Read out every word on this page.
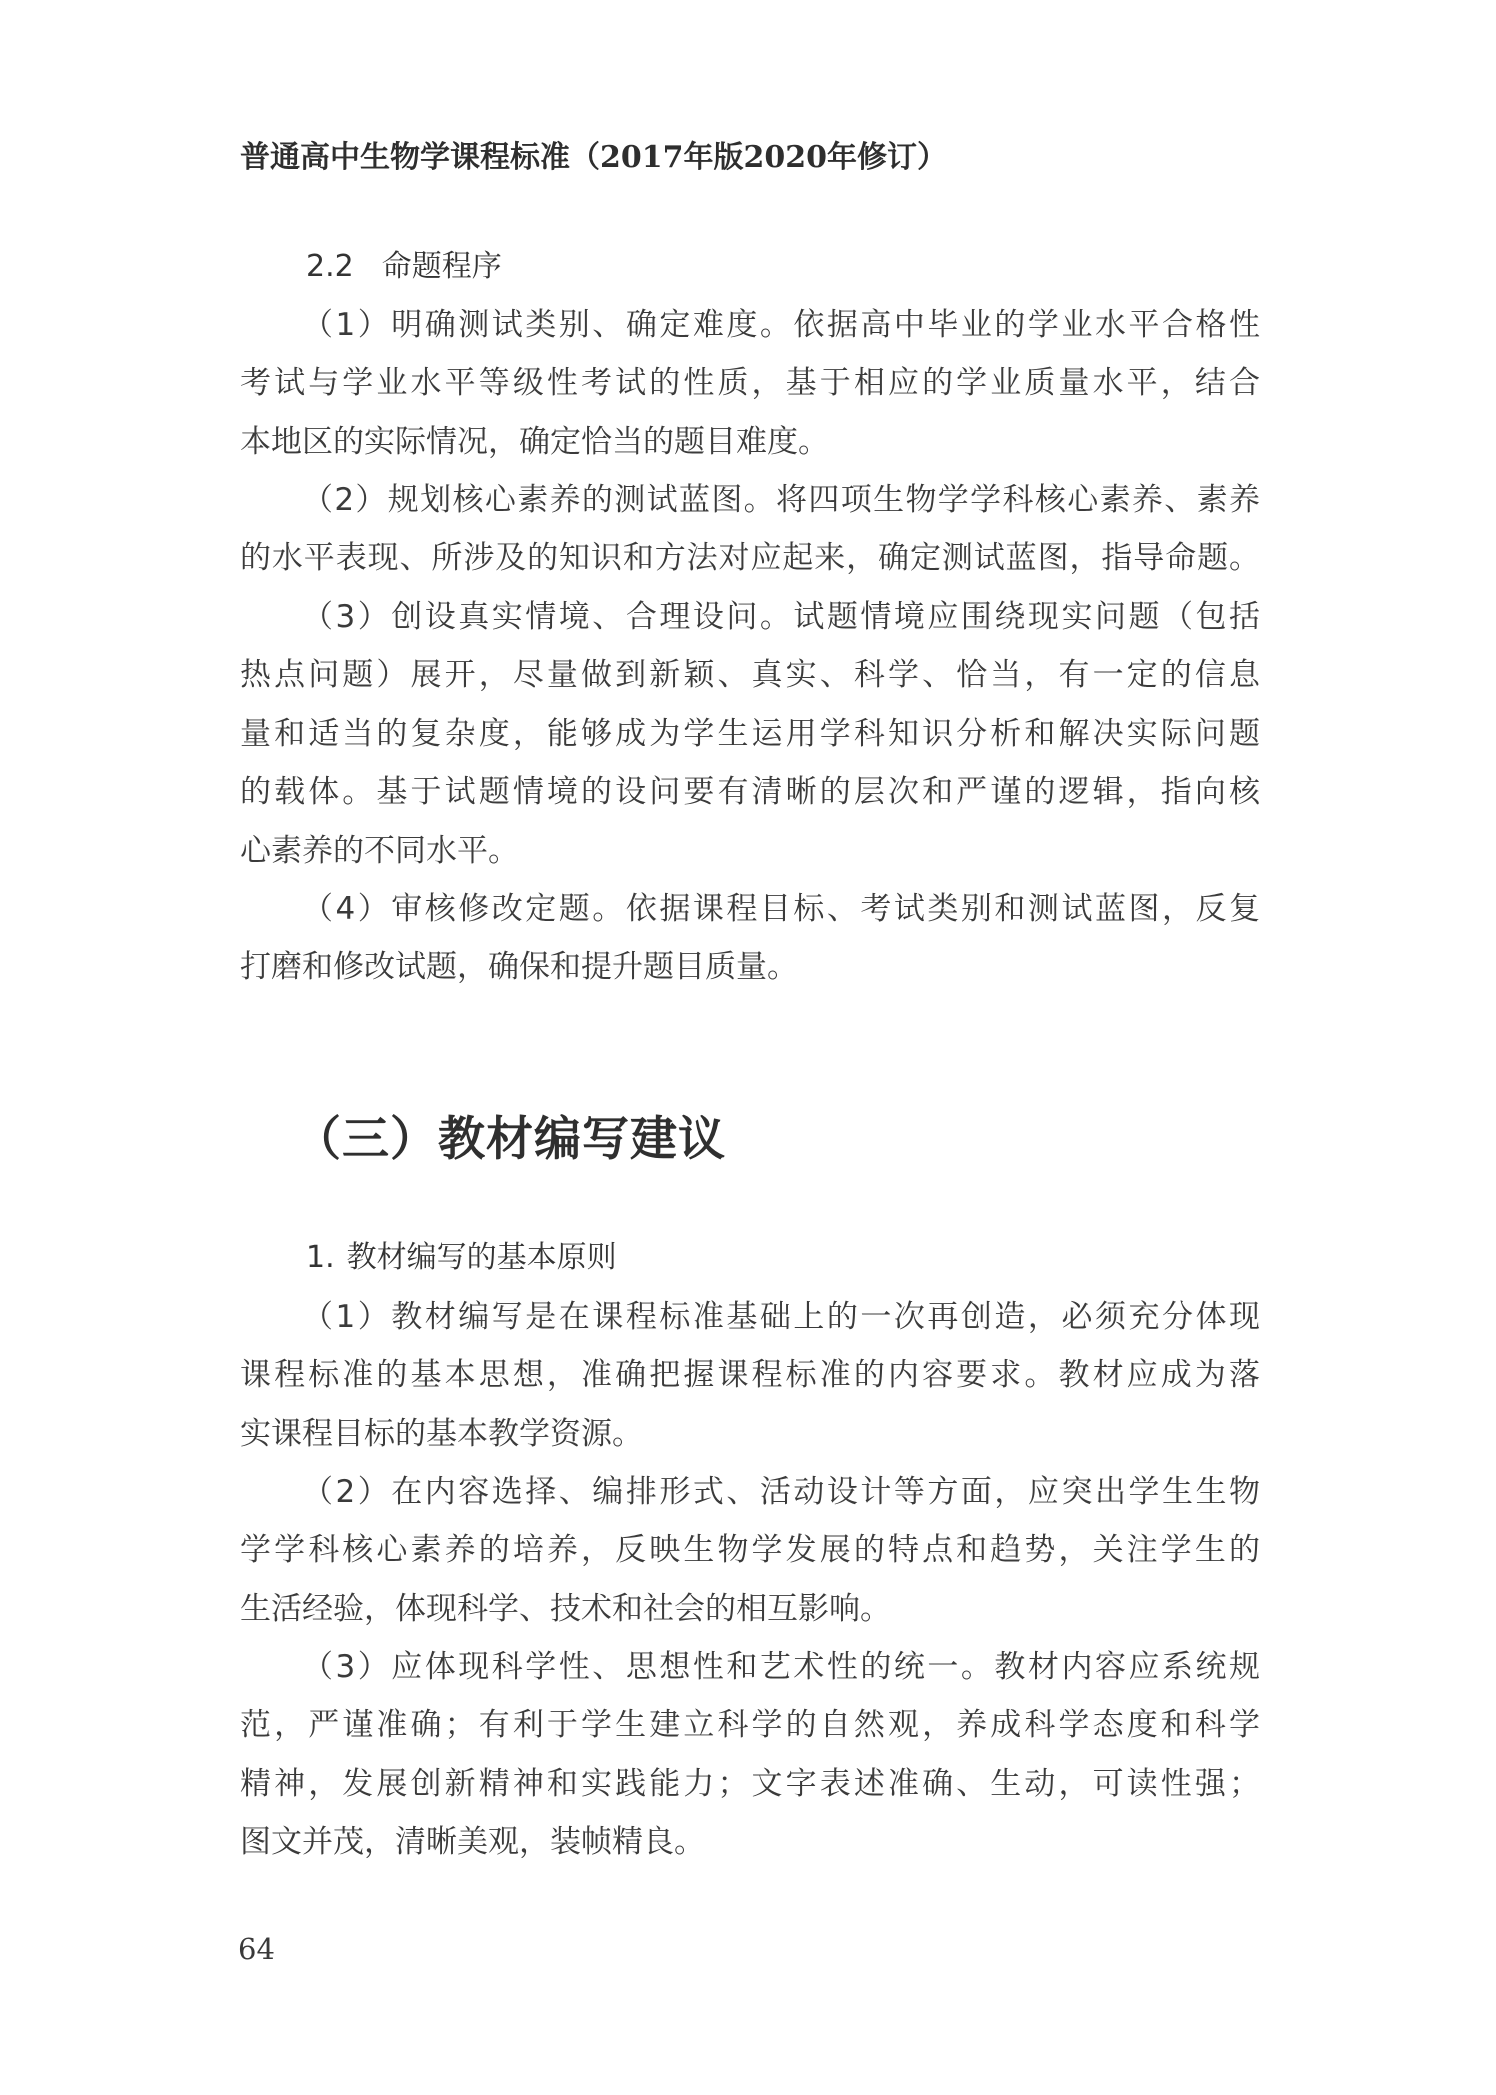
普通高中生物学课程标准（2017年版2020年修订）
2.2 命题程序

（1）明确测试类别、确定难度。依据高中毕业的学业水平合格性
考试与学业水平等级性考试的性质，基于相应的学业质量水平，结合
本地区的实际情况，确定恰当的题目难度。

（2）规划核心素养的测试蓝图。将四项生物学学科核心素养、素养
的水平表现、所涉及的知识和方法对应起来，确定测试蓝图，指导命题。

（3）创设真实情境、合理设问。试题情境应围绕现实问题（包括
热点问题）展开，尽量做到新颖、真实、科学、恰当，有一定的信息
量和适当的复杂度，能够成为学生运用学科知识分析和解决实际问题
的载体。基于试题情境的设问要有清晰的层次和严谨的逻辑，指向核
心素养的不同水平。

（4）审核修改定题。依据课程目标、考试类别和测试蓝图，反复
打磨和修改试题，确保和提升题目质量。

（三）教材编写建议
1. 教材编写的基本原则

（1）教材编写是在课程标准基础上的一次再创造，必须充分体现
课程标准的基本思想，准确把握课程标准的内容要求。教材应成为落
实课程目标的基本教学资源。

（2）在内容选择、编排形式、活动设计等方面，应突出学生生物
学学科核心素养的培养，反映生物学发展的特点和趋势，关注学生的
生活经验，体现科学、技术和社会的相互影响。

（3）应体现科学性、思想性和艺术性的统一。教材内容应系统规
范，严谨准确；有利于学生建立科学的自然观，养成科学态度和科学
精神，发展创新精神和实践能力；文字表述准确、生动，可读性强；
图文并茂，清晰美观，装帧精良。

64
